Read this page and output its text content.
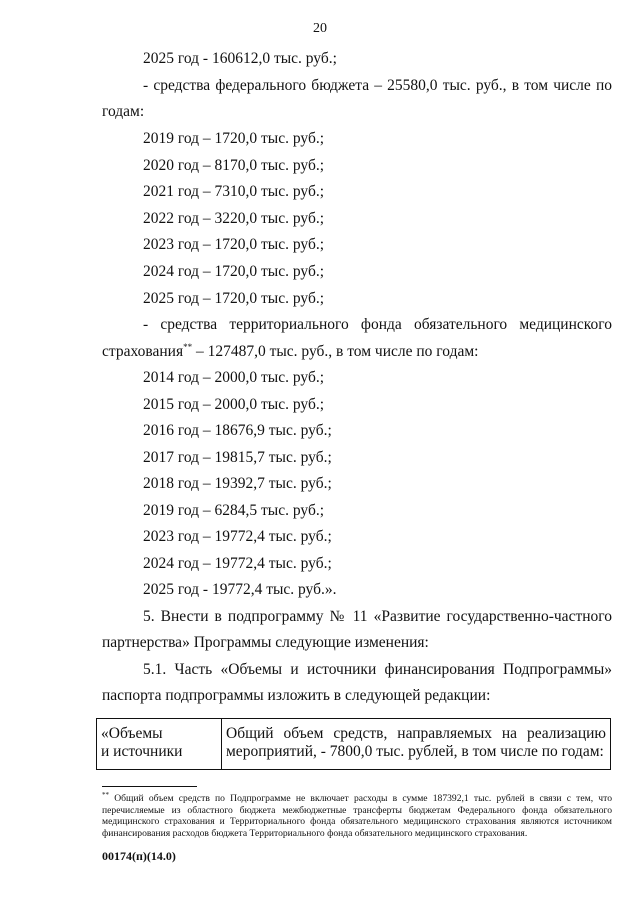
20
2025 год - 160612,0 тыс. руб.;
- средства федерального бюджета – 25580,0 тыс. руб., в том числе по
годам:
2019 год – 1720,0 тыс. руб.;
2020 год – 8170,0 тыс. руб.;
2021 год – 7310,0 тыс. руб.;
2022 год – 3220,0 тыс. руб.;
2023 год – 1720,0 тыс. руб.;
2024 год – 1720,0 тыс. руб.;
2025 год – 1720,0 тыс. руб.;
- средства территориального фонда обязательного медицинского
страхования** – 127487,0 тыс. руб., в том числе по годам:
2014 год – 2000,0 тыс. руб.;
2015 год – 2000,0 тыс. руб.;
2016 год – 18676,9 тыс. руб.;
2017 год – 19815,7 тыс. руб.;
2018 год – 19392,7 тыс. руб.;
2019 год – 6284,5 тыс. руб.;
2023 год – 19772,4 тыс. руб.;
2024 год – 19772,4 тыс. руб.;
2025 год - 19772,4 тыс. руб.».
5. Внести в подпрограмму № 11 «Развитие государственно-частного
партнерства» Программы следующие изменения:
5.1. Часть «Объемы и источники финансирования Подпрограммы»
паспорта подпрограммы изложить в следующей редакции:
«Объемы
и источники	Общий объем средств, направляемых на реализацию мероприятий, - 7800,0 тыс. рублей, в том числе по годам:
** Общий объем средств по Подпрограмме не включает расходы в сумме 187392,1 тыс. рублей в связи с тем, что перечисляемые из областного бюджета межбюджетные трансферты бюджетам Федерального фонда обязательного медицинского страхования и Территориального фонда обязательного медицинского страхования являются источником финансирования расходов бюджета Территориального фонда обязательного медицинского страхования.
00174(п)(14.0)
